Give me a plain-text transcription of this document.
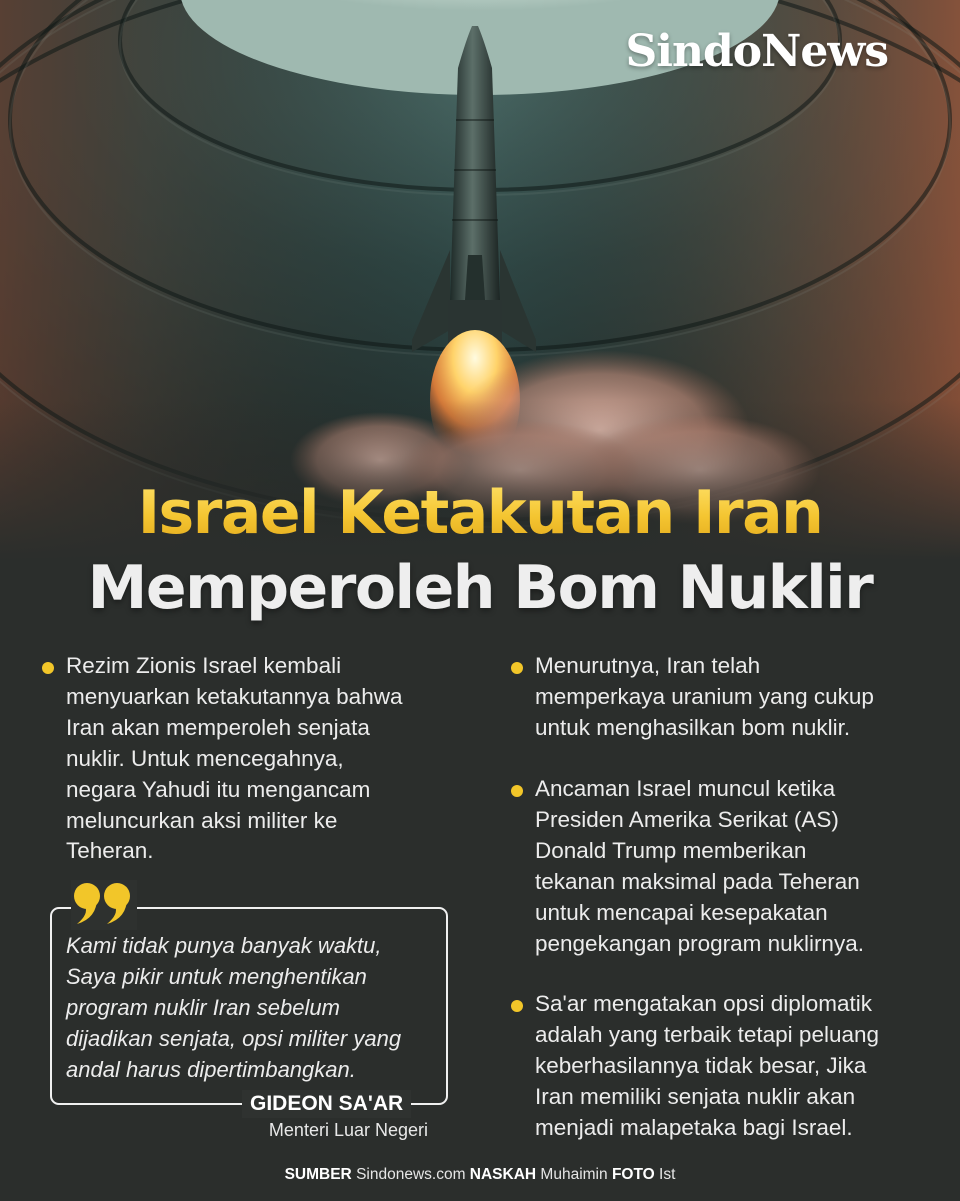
SindoNews
Israel Ketakutan Iran
Memperoleh Bom Nuklir
Rezim Zionis Israel kembali
menyuarkan ketakutannya bahwa
Iran akan memperoleh senjata
nuklir. Untuk mencegahnya,
negara Yahudi itu mengancam
meluncurkan aksi militer ke
Teheran.
Kami tidak punya banyak waktu,
Saya pikir untuk menghentikan
program nuklir Iran sebelum
dijadikan senjata, opsi militer yang
andal harus dipertimbangkan.
GIDEON SA'AR
Menteri Luar Negeri
Menurutnya, Iran telah
memperkaya uranium yang cukup
untuk menghasilkan bom nuklir.
Ancaman Israel muncul ketika
Presiden Amerika Serikat (AS)
Donald Trump memberikan
tekanan maksimal pada Teheran
untuk mencapai kesepakatan
pengekangan program nuklirnya.
Sa'ar mengatakan opsi diplomatik
adalah yang terbaik tetapi peluang
keberhasilannya tidak besar, Jika
Iran memiliki senjata nuklir akan
menjadi malapetaka bagi Israel.
SUMBER Sindonews.com NASKAH Muhaimin FOTO Ist
